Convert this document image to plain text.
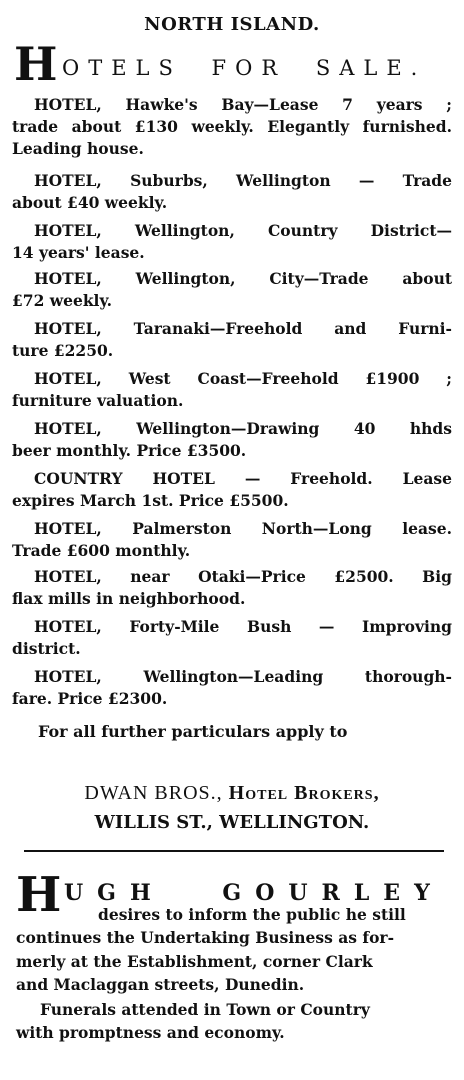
NORTH ISLAND.
H OTELS FOR SALE.
HOTEL, Hawke's Bay—Lease 7 years ;
trade about £130 weekly. Elegantly furnished. Leading house.
HOTEL, Suburbs, Wellington — Trade
about £40 weekly.
HOTEL, Wellington, Country District—
14 years' lease.
HOTEL, Wellington, City—Trade about
£72 weekly.
HOTEL, Taranaki—Freehold and Furni-
ture £2250.
HOTEL, West Coast—Freehold £1900 ;
furniture valuation.
HOTEL, Wellington—Drawing 40 hhds
beer monthly. Price £3500.
COUNTRY HOTEL — Freehold. Lease
expires March 1st. Price £5500.
HOTEL, Palmerston North—Long lease.
Trade £600 monthly.
HOTEL, near Otaki—Price £2500. Big
flax mills in neighborhood.
HOTEL, Forty-Mile Bush — Improving
district.
HOTEL, Wellington—Leading thorough-
fare. Price £2300.
For all further particulars apply to
DWAN BROS., Hotel Brokers,
WILLIS ST., WELLINGTON.
H UGH GOURLEY
desires to inform the public he still
continues the Undertaking Business as for-
merly at the Establishment, corner Clark
and Maclaggan streets, Dunedin.
Funerals attended in Town or Country
with promptness and economy.
